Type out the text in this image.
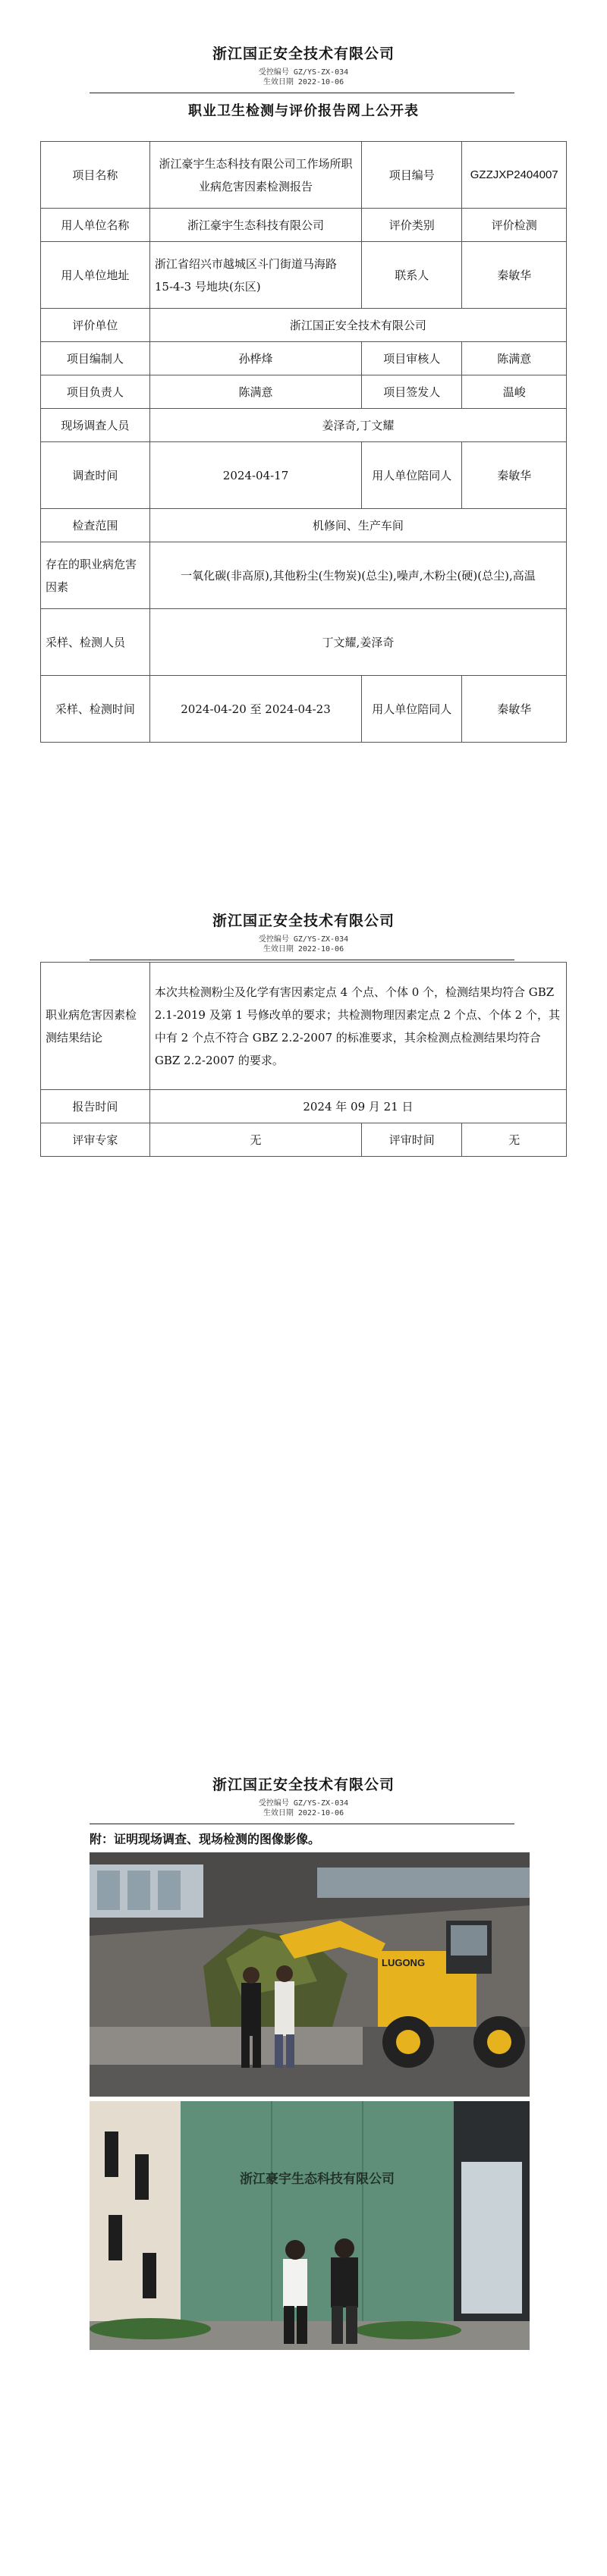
浙江国正安全技术有限公司
受控编号 GZ/YS-ZX-034
生效日期 2022-10-06
职业卫生检测与评价报告网上公开表
项目名称	浙江豪宇生态科技有限公司工作场所职业病危害因素检测报告	项目编号	GZZJXP2404007
用人单位名称	浙江豪宇生态科技有限公司	评价类别	评价检测
用人单位地址	浙江省绍兴市越城区斗门街道马海路 15-4-3 号地块(东区)	联系人	秦敏华
评价单位	浙江国正安全技术有限公司		
项目编制人	孙桦烽	项目审核人	陈满意
项目负责人	陈满意	项目签发人	温峻
现场调查人员	姜泽奇,丁文耀		
调查时间	2024-04-17	用人单位陪同人	秦敏华
检查范围	机修间、生产车间		
存在的职业病危害因素	一氧化碳(非高原),其他粉尘(生物炭)(总尘),噪声,木粉尘(硬)(总尘),高温		
采样、检测人员	丁文耀,姜泽奇		
采样、检测时间	2024-04-20 至 2024-04-23	用人单位陪同人	秦敏华
浙江国正安全技术有限公司
受控编号 GZ/YS-ZX-034
生效日期 2022-10-06
职业病危害因素检测结果结论	本次共检测粉尘及化学有害因素定点 4 个点、个体 0 个，检测结果均符合 GBZ 2.1-2019 及第 1 号修改单的要求；共检测物理因素定点 2 个点、个体 2 个，其中有 2 个点不符合 GBZ 2.2-2007 的标准要求，其余检测点检测结果均符合 GBZ 2.2-2007 的要求。		
报告时间	2024 年 09 月 21 日		
评审专家	无	评审时间	无
浙江国正安全技术有限公司
受控编号 GZ/YS-ZX-034
生效日期 2022-10-06
附：证明现场调查、现场检测的图像影像。
LUGONG
浙江豪宇生态科技有限公司
